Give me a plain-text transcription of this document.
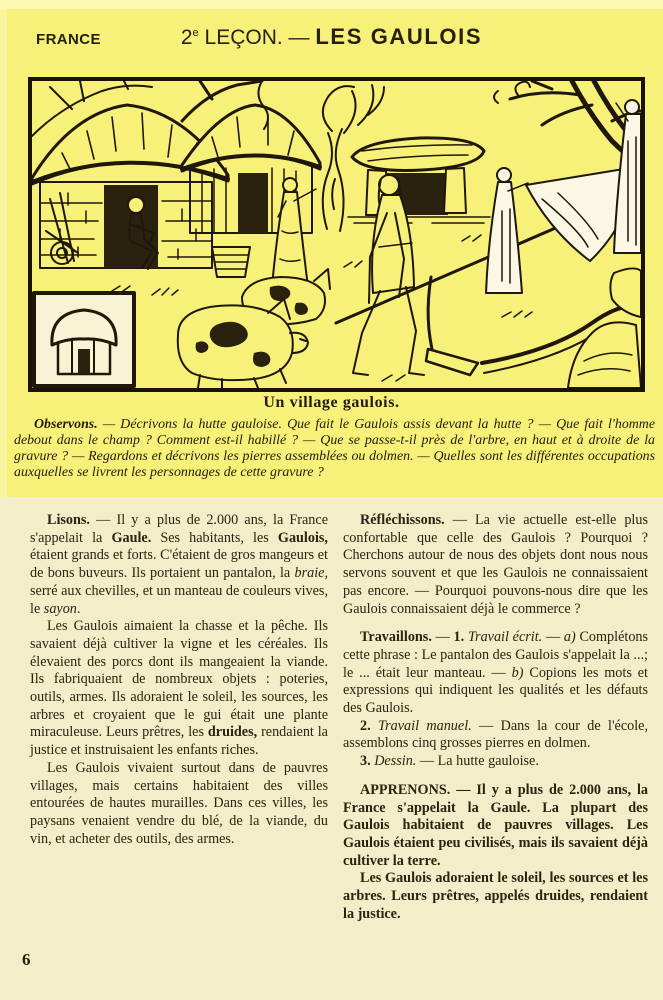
FRANCE	2e LEÇON. — LES GAULOIS
Un village gaulois.

Observons. — Décrivons la hutte gauloise. Que fait le Gaulois assis devant la hutte ? — Que fait l'homme debout dans le champ ? Comment est-il habillé ? — Que se passe-t-il près de l'arbre, en haut et à droite de la gravure ? — Regardons et décrivons les pierres assemblées ou dolmen. — Quelles sont les différentes occupations auxquelles se livrent les personnages de cette gravure ?

Lisons. — Il y a plus de 2.000 ans, la France s'appelait la Gaule. Ses habitants, les Gaulois, étaient grands et forts. C'étaient de gros mangeurs et de bons buveurs. Ils portaient un pantalon, la braie, serré aux chevilles, et un manteau de couleurs vives, le sayon.

Les Gaulois aimaient la chasse et la pêche. Ils savaient déjà cultiver la vigne et les céréales. Ils élevaient des porcs dont ils mangeaient la viande. Ils fabriquaient de nombreux objets : poteries, outils, armes. Ils adoraient le soleil, les sources, les arbres et croyaient que le gui était une plante miraculeuse. Leurs prêtres, les druides, rendaient la justice et instruisaient les enfants riches.

Les Gaulois vivaient surtout dans de pauvres villages, mais certains habitaient des villes entourées de hautes murailles. Dans ces villes, les paysans venaient vendre du blé, de la viande, du vin, et acheter des outils, des armes.

Réfléchissons. — La vie actuelle est-elle plus confortable que celle des Gaulois ? Pourquoi ? Cherchons autour de nous des objets dont nous nous servons souvent et que les Gaulois ne connaissaient pas encore. — Pourquoi pouvons-nous dire que les Gaulois connaissaient déjà le commerce ?

Travaillons. — 1. Travail écrit. — a) Complétons cette phrase : Le pantalon des Gaulois s'appelait la ...; le ... était leur manteau. — b) Copions les mots et expressions qui indiquent les qualités et les défauts des Gaulois.

2. Travail manuel. — Dans la cour de l'école, assemblons cinq grosses pierres en dolmen.

3. Dessin. — La hutte gauloise.

APPRENONS. — Il y a plus de 2.000 ans, la France s'appelait la Gaule. La plupart des Gaulois habitaient de pauvres villages. Les Gaulois étaient peu civilisés, mais ils savaient déjà cultiver la terre.

Les Gaulois adoraient le soleil, les sources et les arbres. Leurs prêtres, appelés druides, rendaient la justice.

6
